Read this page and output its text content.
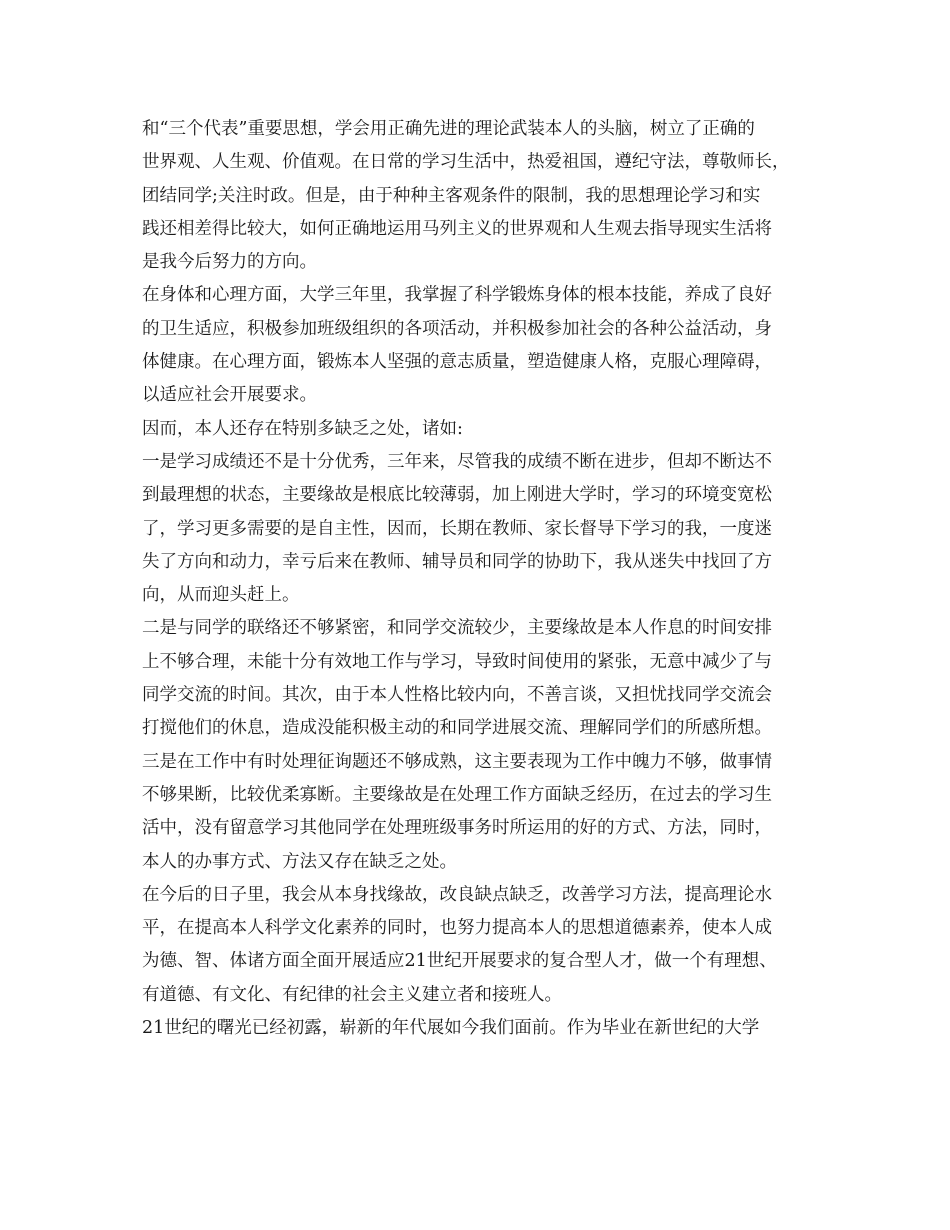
和“三个代表”重要思想，学会用正确先进的理论武装本人的头脑，树立了正确的
世界观、人生观、价值观。在日常的学习生活中，热爱祖国，遵纪守法，尊敬师长，
团结同学;关注时政。但是，由于种种主客观条件的限制，我的思想理论学习和实
践还相差得比较大，如何正确地运用马列主义的世界观和人生观去指导现实生活将
是我今后努力的方向。
在身体和心理方面，大学三年里，我掌握了科学锻炼身体的根本技能，养成了良好
的卫生适应，积极参加班级组织的各项活动，并积极参加社会的各种公益活动，身
体健康。在心理方面，锻炼本人坚强的意志质量，塑造健康人格，克服心理障碍，
以适应社会开展要求。
因而，本人还存在特别多缺乏之处，诸如:
一是学习成绩还不是十分优秀，三年来，尽管我的成绩不断在进步，但却不断达不
到最理想的状态，主要缘故是根底比较薄弱，加上刚进大学时，学习的环境变宽松
了，学习更多需要的是自主性，因而，长期在教师、家长督导下学习的我，一度迷
失了方向和动力，幸亏后来在教师、辅导员和同学的协助下，我从迷失中找回了方
向，从而迎头赶上。
二是与同学的联络还不够紧密，和同学交流较少，主要缘故是本人作息的时间安排
上不够合理，未能十分有效地工作与学习，导致时间使用的紧张，无意中减少了与
同学交流的时间。其次，由于本人性格比较内向，不善言谈，又担忧找同学交流会
打搅他们的休息，造成没能积极主动的和同学进展交流、理解同学们的所感所想。
三是在工作中有时处理征询题还不够成熟，这主要表现为工作中魄力不够，做事情
不够果断，比较优柔寡断。主要缘故是在处理工作方面缺乏经历，在过去的学习生
活中，没有留意学习其他同学在处理班级事务时所运用的好的方式、方法，同时，
本人的办事方式、方法又存在缺乏之处。
在今后的日子里，我会从本身找缘故，改良缺点缺乏，改善学习方法，提高理论水
平，在提高本人科学文化素养的同时，也努力提高本人的思想道德素养，使本人成
为德、智、体诸方面全面开展适应21世纪开展要求的复合型人才，做一个有理想、
有道德、有文化、有纪律的社会主义建立者和接班人。
21世纪的曙光已经初露，崭新的年代展如今我们面前。作为毕业在新世纪的大学
